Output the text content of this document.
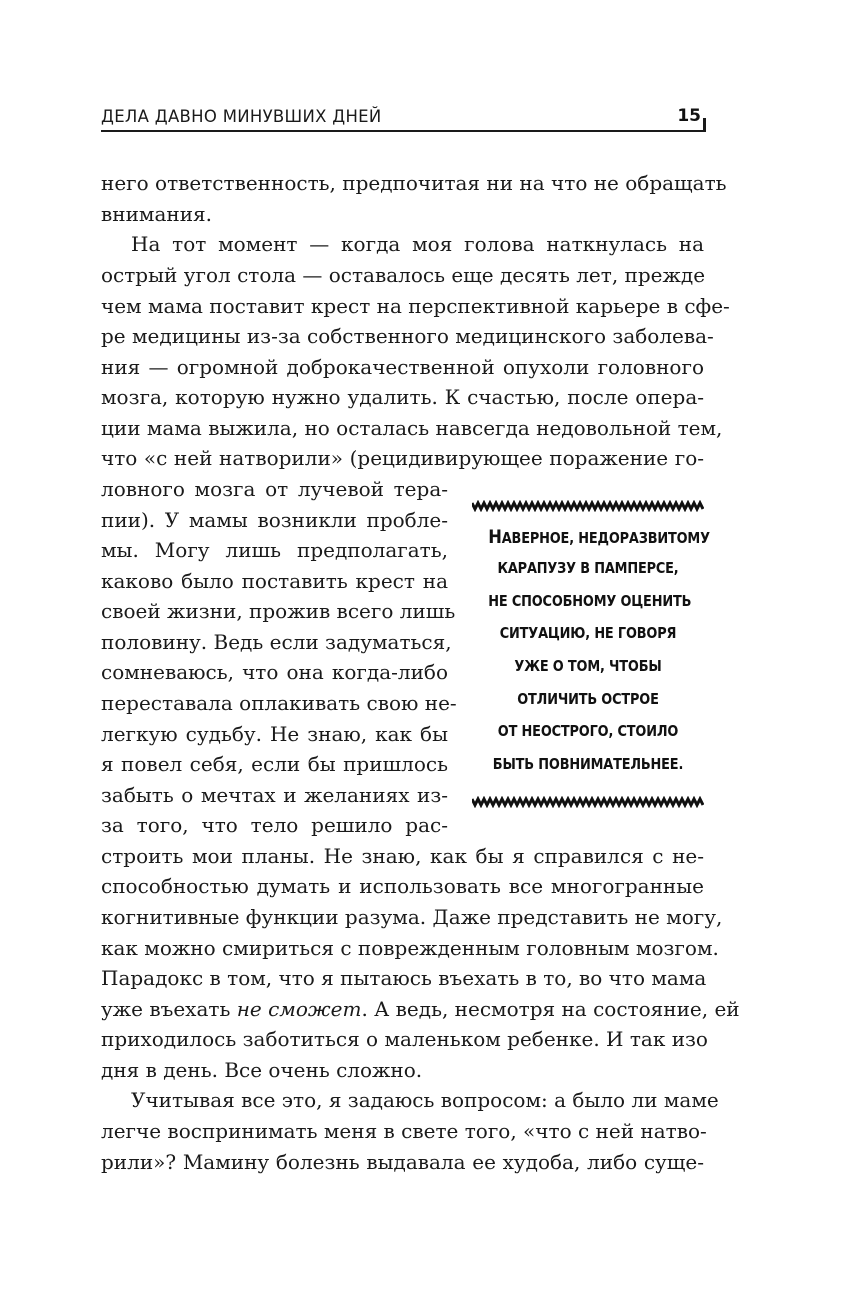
ДЕЛА ДАВНО МИНУВШИХ ДНЕЙ	15
него ответственность, предпочитая ни на что не обращать
внимания.
На тот момент — когда моя голова наткнулась на
острый угол стола — оставалось еще десять лет, прежде
чем мама поставит крест на перспективной карьере в сфе-
ре медицины из-за собственного медицинского заболева-
ния — огромной доброкачественной опухоли головного
мозга, которую нужно удалить. К счастью, после опера-
ции мама выжила, но осталась навсегда недовольной тем,
что «с ней натворили» (рецидивирующее поражение го-
ловного мозга от лучевой тера-
пии). У мамы возникли пробле-
мы. Могу лишь предполагать,
каково было поставить крест на
своей жизни, прожив всего лишь
половину. Ведь если задуматься,
сомневаюсь, что она когда-либо
переставала оплакивать свою не-
легкую судьбу. Не знаю, как бы
я повел себя, если бы пришлось
забыть о мечтах и желаниях из-
за того, что тело решило рас-
строить мои планы. Не знаю, как бы я справился с не-
способностью думать и использовать все многогранные
когнитивные функции разума. Даже представить не могу,
как можно смириться с поврежденным головным мозгом.
Парадокс в том, что я пытаюсь въехать в то, во что мама
уже въехать не сможет. А ведь, несмотря на состояние, ей
приходилось заботиться о маленьком ребенке. И так изо
дня в день. Все очень сложно.
Учитывая все это, я задаюсь вопросом: а было ли маме
легче воспринимать меня в свете того, «что с ней натво-
рили»? Мамину болезнь выдавала ее худоба, либо суще-
НАВЕРНОЕ, НЕДОРАЗВИТОМУ
КАРАПУЗУ В ПАМПЕРСЕ,
НЕ СПОСОБНОМУ ОЦЕНИТЬ
СИТУАЦИЮ, НЕ ГОВОРЯ
УЖЕ О ТОМ, ЧТОБЫ
ОТЛИЧИТЬ ОСТРОЕ
ОТ НЕОСТРОГО, СТОИЛО
БЫТЬ ПОВНИМАТЕЛЬНЕЕ.
